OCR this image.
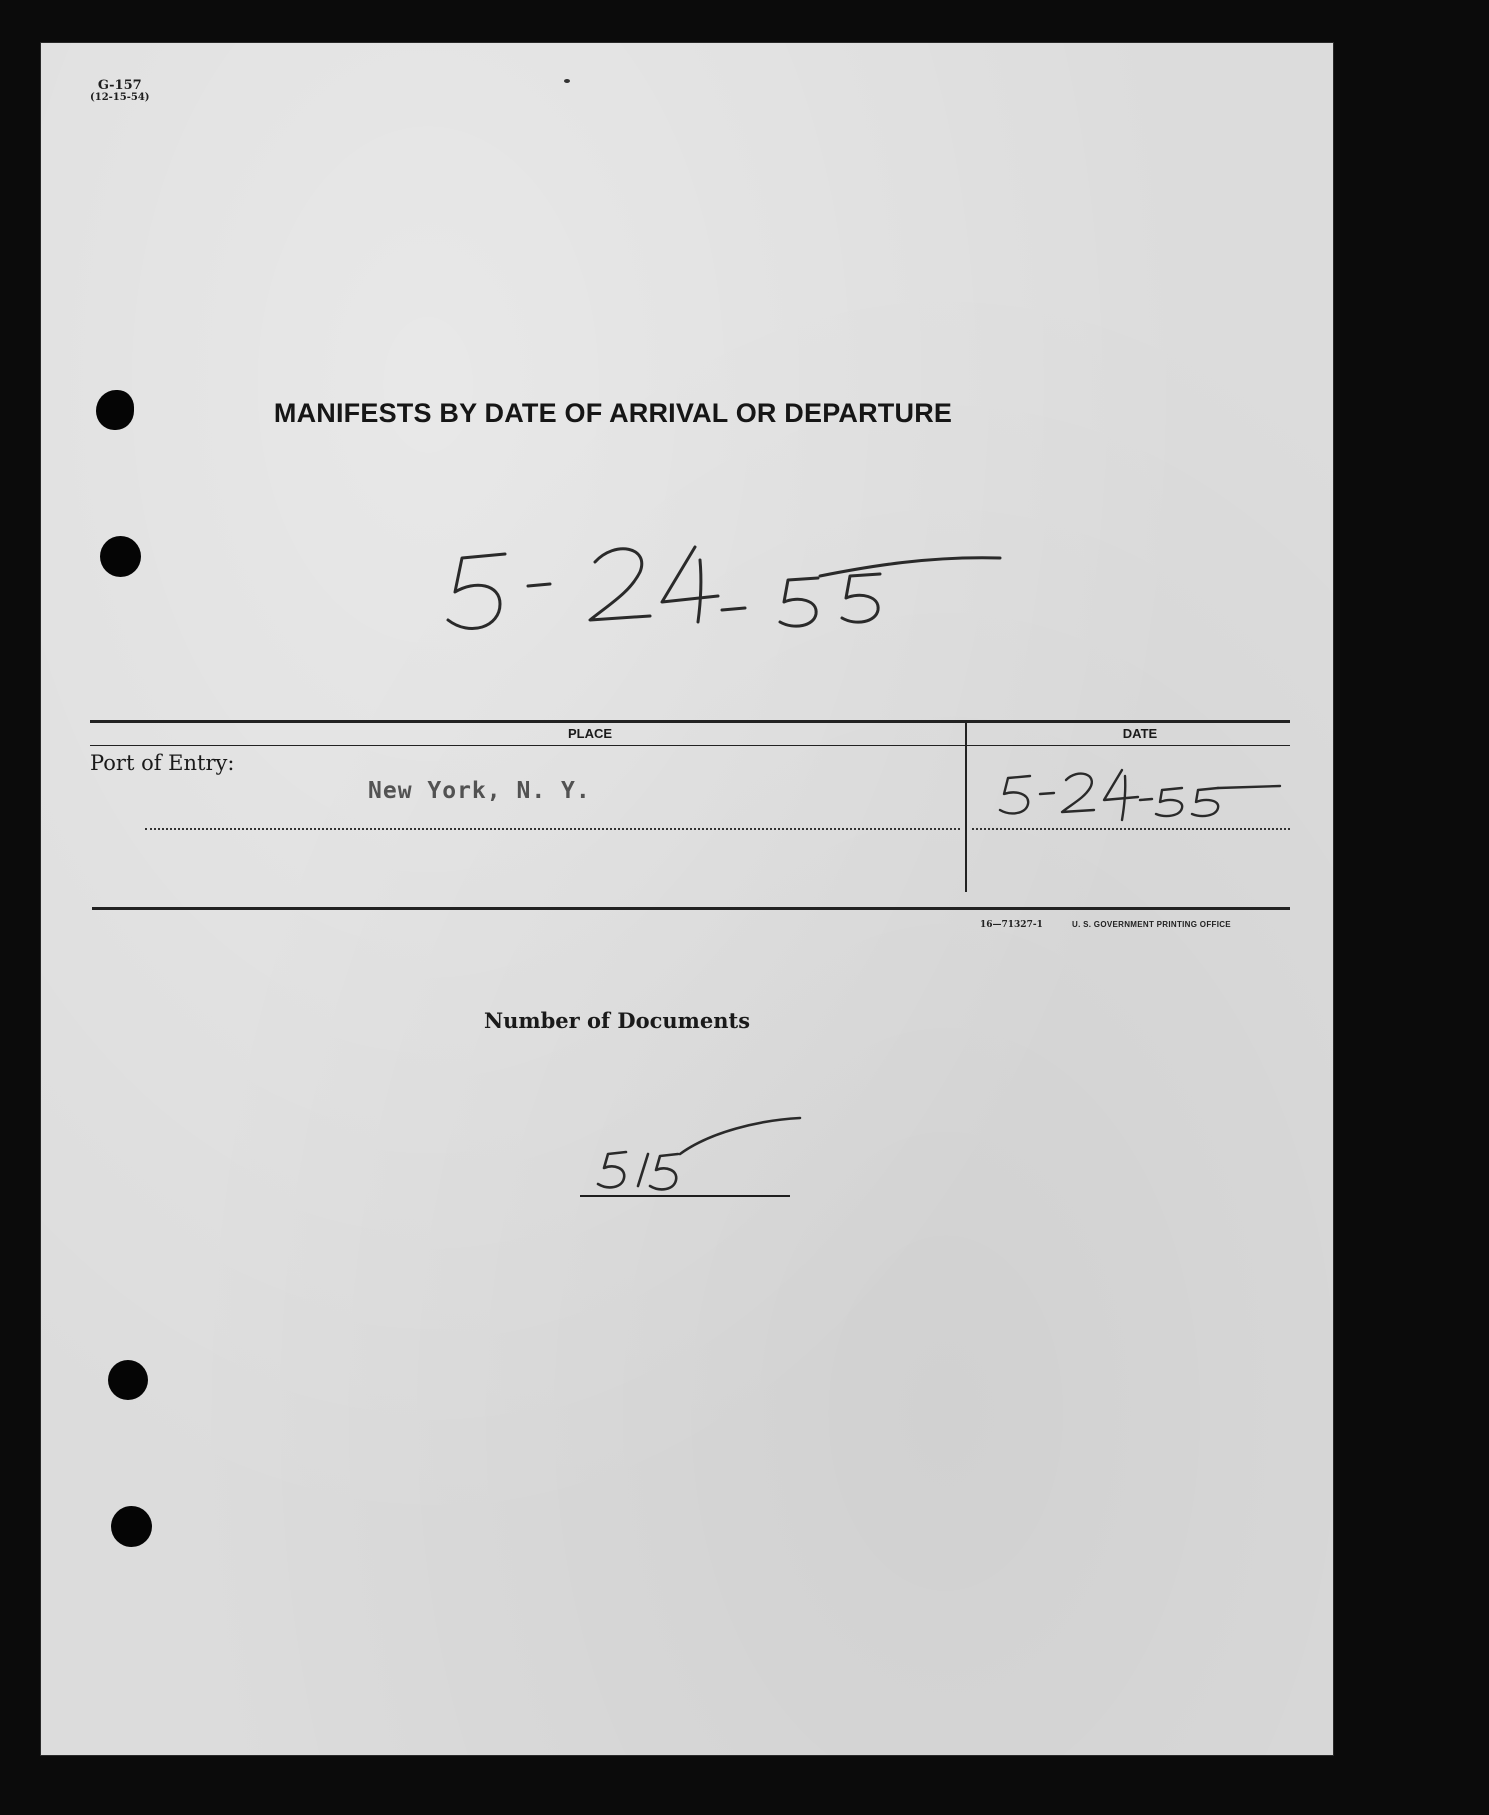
G-157
(12-15-54)
MANIFESTS BY DATE OF ARRIVAL OR DEPARTURE
PLACE	DATE
Port of Entry:
New York, N. Y.
16—71327-1	U. S. GOVERNMENT PRINTING OFFICE
Number of Documents
